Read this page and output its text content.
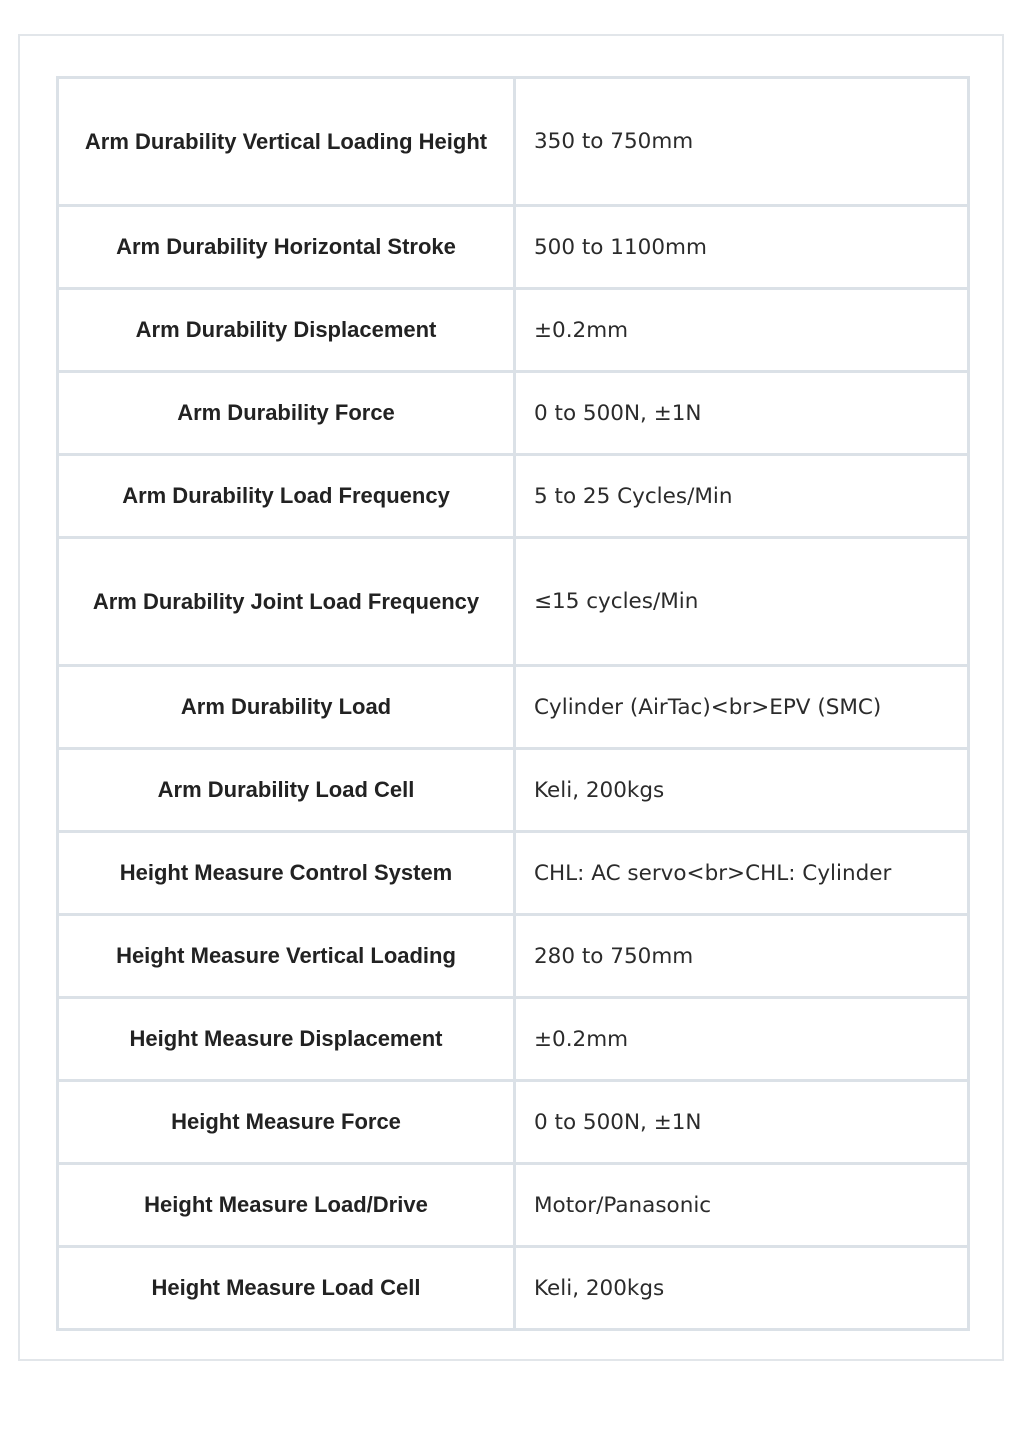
Arm Durability Vertical Loading Height	350 to 750mm
Arm Durability Horizontal Stroke	500 to 1100mm
Arm Durability Displacement	±0.2mm
Arm Durability Force	0 to 500N, ±1N
Arm Durability Load Frequency	5 to 25 Cycles/Min
Arm Durability Joint Load Frequency	≤15 cycles/Min
Arm Durability Load	Cylinder (AirTac)<br>EPV (SMC)
Arm Durability Load Cell	Keli, 200kgs
Height Measure Control System	CHL: AC servo<br>CHL: Cylinder
Height Measure Vertical Loading	280 to 750mm
Height Measure Displacement	±0.2mm
Height Measure Force	0 to 500N, ±1N
Height Measure Load/Drive	Motor/Panasonic
Height Measure Load Cell	Keli, 200kgs
